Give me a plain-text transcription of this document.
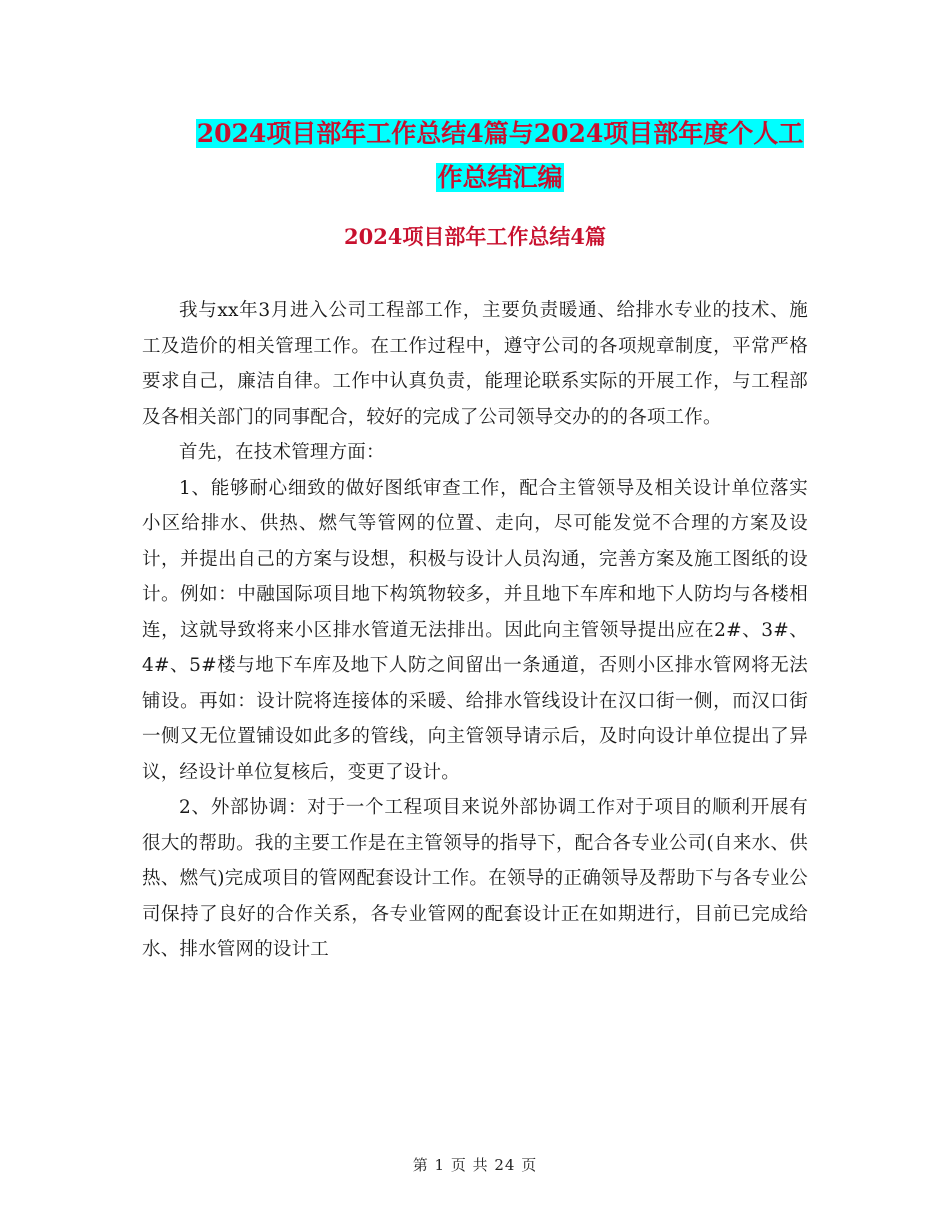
2024项目部年工作总结4篇与2024项目部年度个人工
作总结汇编
2024项目部年工作总结4篇

我与xx年3月进入公司工程部工作，主要负责暖通、给排水专业的技术、施工及造价的相关管理工作。在工作过程中，遵守公司的各项规章制度，平常严格要求自己，廉洁自律。工作中认真负责，能理论联系实际的开展工作，与工程部及各相关部门的同事配合，较好的完成了公司领导交办的的各项工作。

首先，在技术管理方面：

1、能够耐心细致的做好图纸审查工作，配合主管领导及相关设计单位落实小区给排水、供热、燃气等管网的位置、走向，尽可能发觉不合理的方案及设计，并提出自己的方案与设想，积极与设计人员沟通，完善方案及施工图纸的设计。例如：中融国际项目地下构筑物较多，并且地下车库和地下人防均与各楼相连，这就导致将来小区排水管道无法排出。因此向主管领导提出应在2#、3#、4#、5#楼与地下车库及地下人防之间留出一条通道，否则小区排水管网将无法铺设。再如：设计院将连接体的采暖、给排水管线设计在汉口街一侧，而汉口街一侧又无位置铺设如此多的管线，向主管领导请示后，及时向设计单位提出了异议，经设计单位复核后，变更了设计。

2、外部协调：对于一个工程项目来说外部协调工作对于项目的顺利开展有很大的帮助。我的主要工作是在主管领导的指导下，配合各专业公司(自来水、供热、燃气)完成项目的管网配套设计工作。在领导的正确领导及帮助下与各专业公司保持了良好的合作关系，各专业管网的配套设计正在如期进行，目前已完成给水、排水管网的设计工

第 1 页 共 24 页
